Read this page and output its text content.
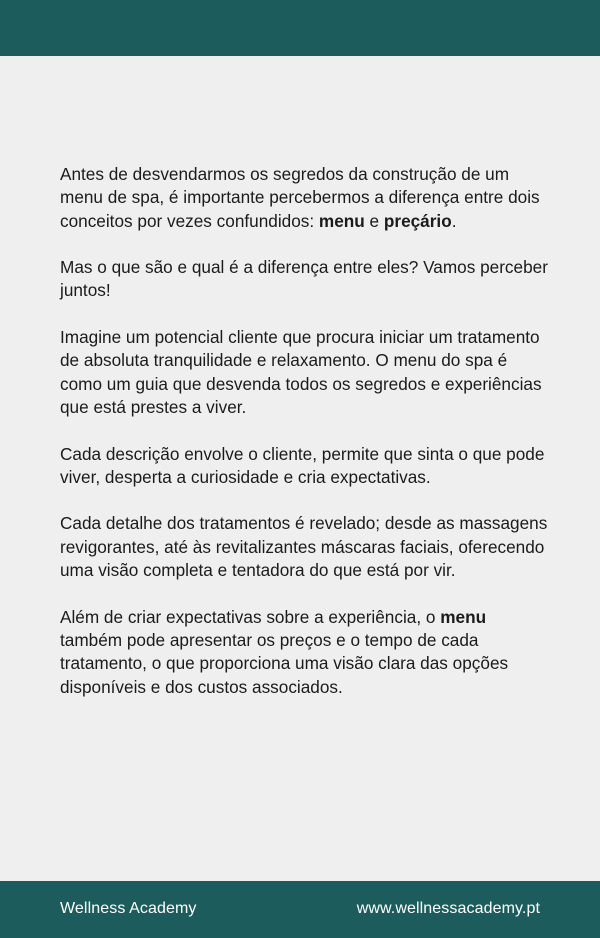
Antes de desvendarmos os segredos da construção de um menu de spa, é importante percebermos a diferença entre dois conceitos por vezes confundidos: menu e preçário.

Mas o que são e qual é a diferença entre eles? Vamos perceber juntos!

Imagine um potencial cliente que procura iniciar um tratamento de absoluta tranquilidade e relaxamento. O menu do spa é como um guia que desvenda todos os segredos e experiências que está prestes a viver.

Cada descrição envolve o cliente, permite que sinta o que pode viver, desperta a curiosidade e cria expectativas.

Cada detalhe dos tratamentos é revelado; desde as massagens revigorantes, até às revitalizantes máscaras faciais, oferecendo uma visão completa e tentadora do que está por vir.

Além de criar expectativas sobre a experiência, o menu também pode apresentar os preços e o tempo de cada tratamento, o que proporciona uma visão clara das opções disponíveis e dos custos associados.

Wellness Academy	www.wellnessacademy.pt
